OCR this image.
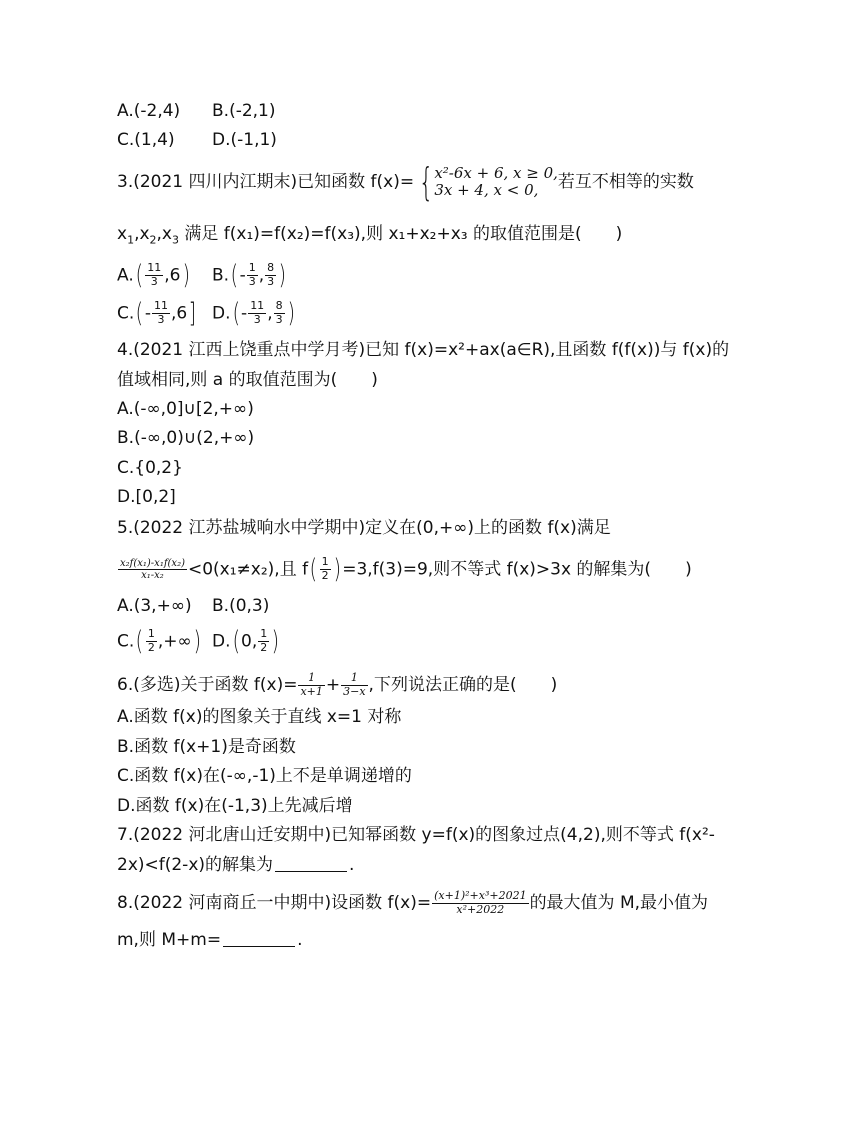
A.(-2,4) B.(-2,1)
C.(1,4) D.(-1,1)
3.(2021 四川内江期末)已知函数 f(x)= { x²-6x + 6, x ≥ 0,
3x + 4, x < 0,	若互不相等的实数
$x_1,x_2,x_3$ 满足 f(x₁)=f(x₂)=f(x₃),则 x₁+x₂+x₃ 的取值范围是(　　)
$A.( \frac{11}{3} ,6)$ $B.(- \frac{1}{3}$ , $\frac{8}{3}$ )
$C.(- \frac{11}{3} ,6]$ $D.(- \frac{11}{3}$ , $\frac{8}{3}$ )
4.(2021 江西上饶重点中学月考)已知 f(x)=x²+ax(a∈R),且函数 f(f(x))与 f(x)的
值域相同,则 a 的取值范围为(　　)
A.(-∞,0]∪[2,+∞)
B.(-∞,0)∪(2,+∞)
C.{0,2}
D.[0,2]
5.(2022 江苏盐城响水中学期中)定义在(0,+∞)上的函数 f(x)满足
$\frac{\text{x₂f(x₁)-x₁f(x₂)}}{\text{x₁-x₂}} <0(x_1\ne x_2)$,且 $f( \frac{1}{2} )=3,f(3)=9$,则不等式 f(x)>3x 的解集为(　　)
A.(3,+∞) B.(0,3)
$C.( \frac{1}{2}$ ,+∞) D.(0, $\frac{1}{2}$ )
6.(多选)关于函数 $f(x)= \frac{1}{x+1} + \frac{1}{3-x}$ ,下列说法正确的是(　　)
A.函数 f(x)的图象关于直线 x=1 对称
B.函数 f(x+1)是奇函数
C.函数 f(x)在(-∞,-1)上不是单调递增的
D.函数 f(x)在(-1,3)上先减后增
7.(2022 河北唐山迁安期中)已知幂函数 y=f(x)的图象过点(4,2),则不等式 f(x²-
2x)<f(2-x)的解集为	.
8.(2022 河南商丘一中期中)设函数 $f(x)= \frac{\text{(x+1)²+x³+2021}}{\text{x²+2022}}$ 的最大值为 M,最小值为
m,则 M+m=	.
